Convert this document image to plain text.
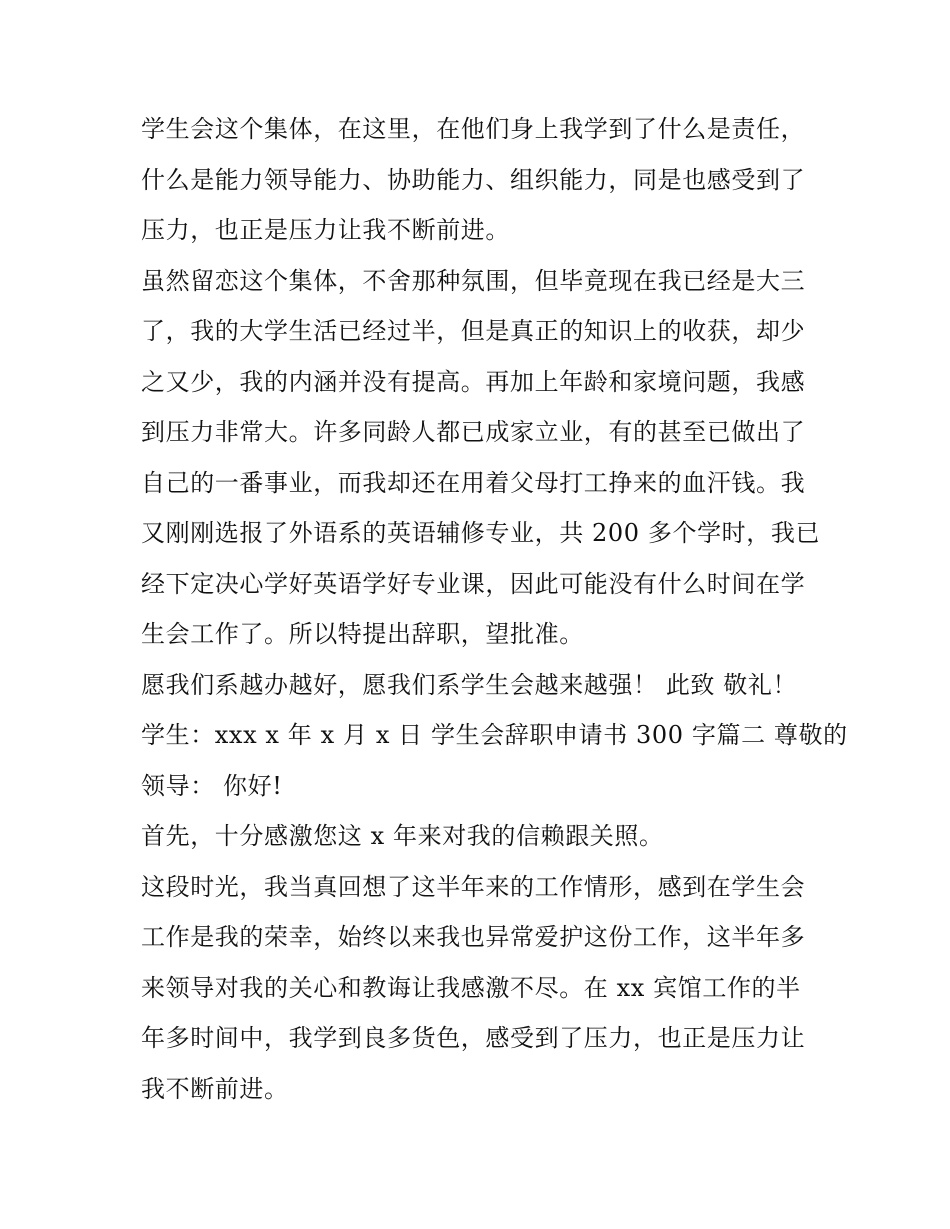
学生会这个集体，在这里，在他们身上我学到了什么是责任，
什么是能力领导能力、协助能力、组织能力，同是也感受到了
压力，也正是压力让我不断前进。

虽然留恋这个集体，不舍那种氛围，但毕竟现在我已经是大三
了，我的大学生活已经过半，但是真正的知识上的收获，却少
之又少，我的内涵并没有提高。再加上年龄和家境问题，我感
到压力非常大。许多同龄人都已成家立业，有的甚至已做出了
自己的一番事业，而我却还在用着父母打工挣来的血汗钱。我
又刚刚选报了外语系的英语辅修专业，共 200 多个学时，我已
经下定决心学好英语学好专业课，因此可能没有什么时间在学
生会工作了。所以特提出辞职，望批准。

愿我们系越办越好，愿我们系学生会越来越强！ 此致 敬礼！
学生：xxx x 年 x 月 x 日 学生会辞职申请书 300 字篇二 尊敬的
领导： 你好!

首先，十分感激您这 x 年来对我的信赖跟关照。

这段时光，我当真回想了这半年来的工作情形，感到在学生会
工作是我的荣幸，始终以来我也异常爱护这份工作，这半年多
来领导对我的关心和教诲让我感激不尽。在 xx 宾馆工作的半
年多时间中，我学到良多货色，感受到了压力，也正是压力让
我不断前进。
